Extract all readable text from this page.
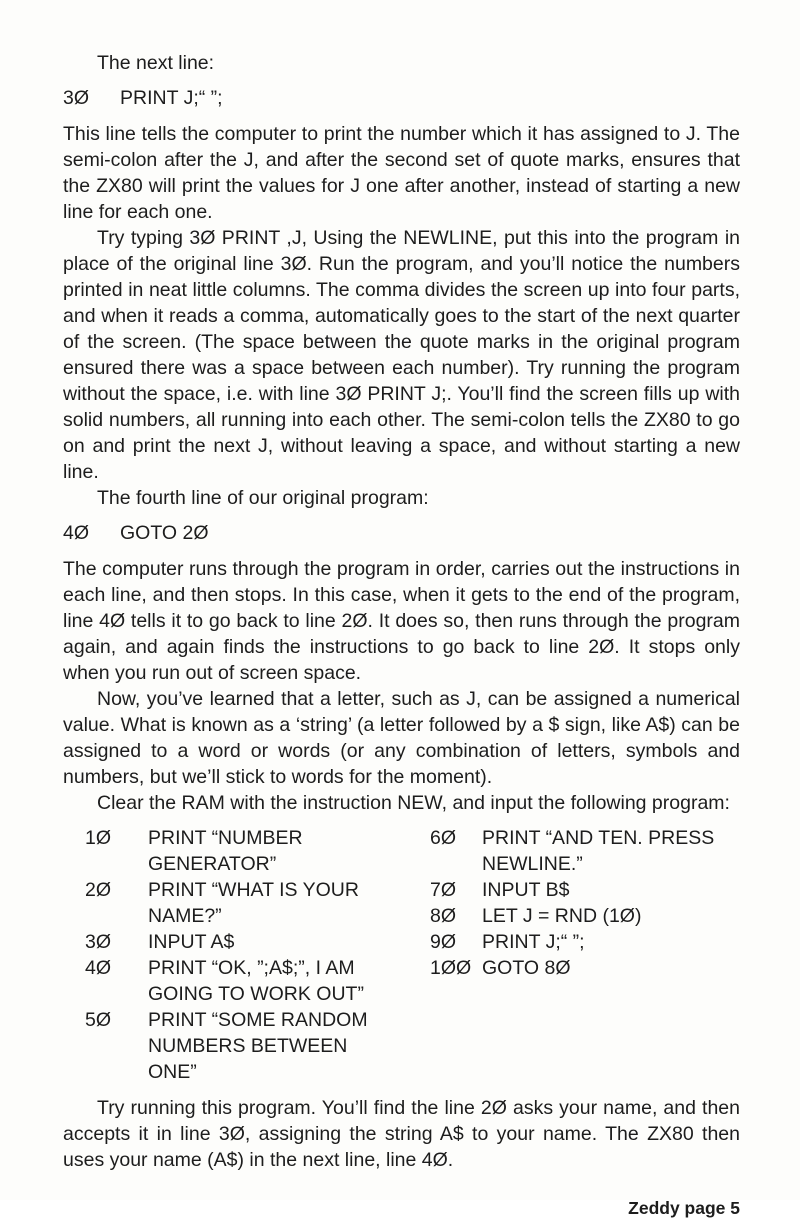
The next line:

3Ø	PRINT J;“ ”;

This line tells the computer to print the number which it has assigned to J. The semi-colon after the J, and after the second set of quote marks, ensures that the ZX80 will print the values for J one after another, instead of starting a new line for each one.

Try typing 3Ø PRINT ,J, Using the NEWLINE, put this into the program in place of the original line 3Ø. Run the program, and you’ll notice the numbers printed in neat little columns. The comma divides the screen up into four parts, and when it reads a comma, automatically goes to the start of the next quarter of the screen. (The space between the quote marks in the original program ensured there was a space between each number). Try running the program without the space, i.e. with line 3Ø PRINT J;. You’ll find the screen fills up with solid numbers, all running into each other. The semi-colon tells the ZX80 to go on and print the next J, without leaving a space, and without starting a new line.

The fourth line of our original program:

4Ø	GOTO 2Ø

The computer runs through the program in order, carries out the instructions in each line, and then stops. In this case, when it gets to the end of the program, line 4Ø tells it to go back to line 2Ø. It does so, then runs through the program again, and again finds the instructions to go back to line 2Ø. It stops only when you run out of screen space.

Now, you’ve learned that a letter, such as J, can be assigned a numerical value. What is known as a ‘string’ (a letter followed by a $ sign, like A$) can be assigned to a word or words (or any combination of letters, symbols and numbers, but we’ll stick to words for the moment).

Clear the RAM with the instruction NEW, and input the following program:

1Ø	PRINT “NUMBER
GENERATOR”
2Ø	PRINT “WHAT IS YOUR
NAME?”
3Ø	INPUT A$
4Ø	PRINT “OK, ”;A$;”, I AM
GOING TO WORK OUT”
5Ø	PRINT “SOME RANDOM
NUMBERS BETWEEN
ONE”
6Ø	PRINT “AND TEN. PRESS
NEWLINE.”
7Ø	INPUT B$
8Ø	LET J = RND (1Ø)
9Ø	PRINT J;“ ”;
1ØØ GOTO 8Ø

Try running this program. You’ll find the line 2Ø asks your name, and then accepts it in line 3Ø, assigning the string A$ to your name. The ZX80 then uses your name (A$) in the next line, line 4Ø.

Zeddy page 5
